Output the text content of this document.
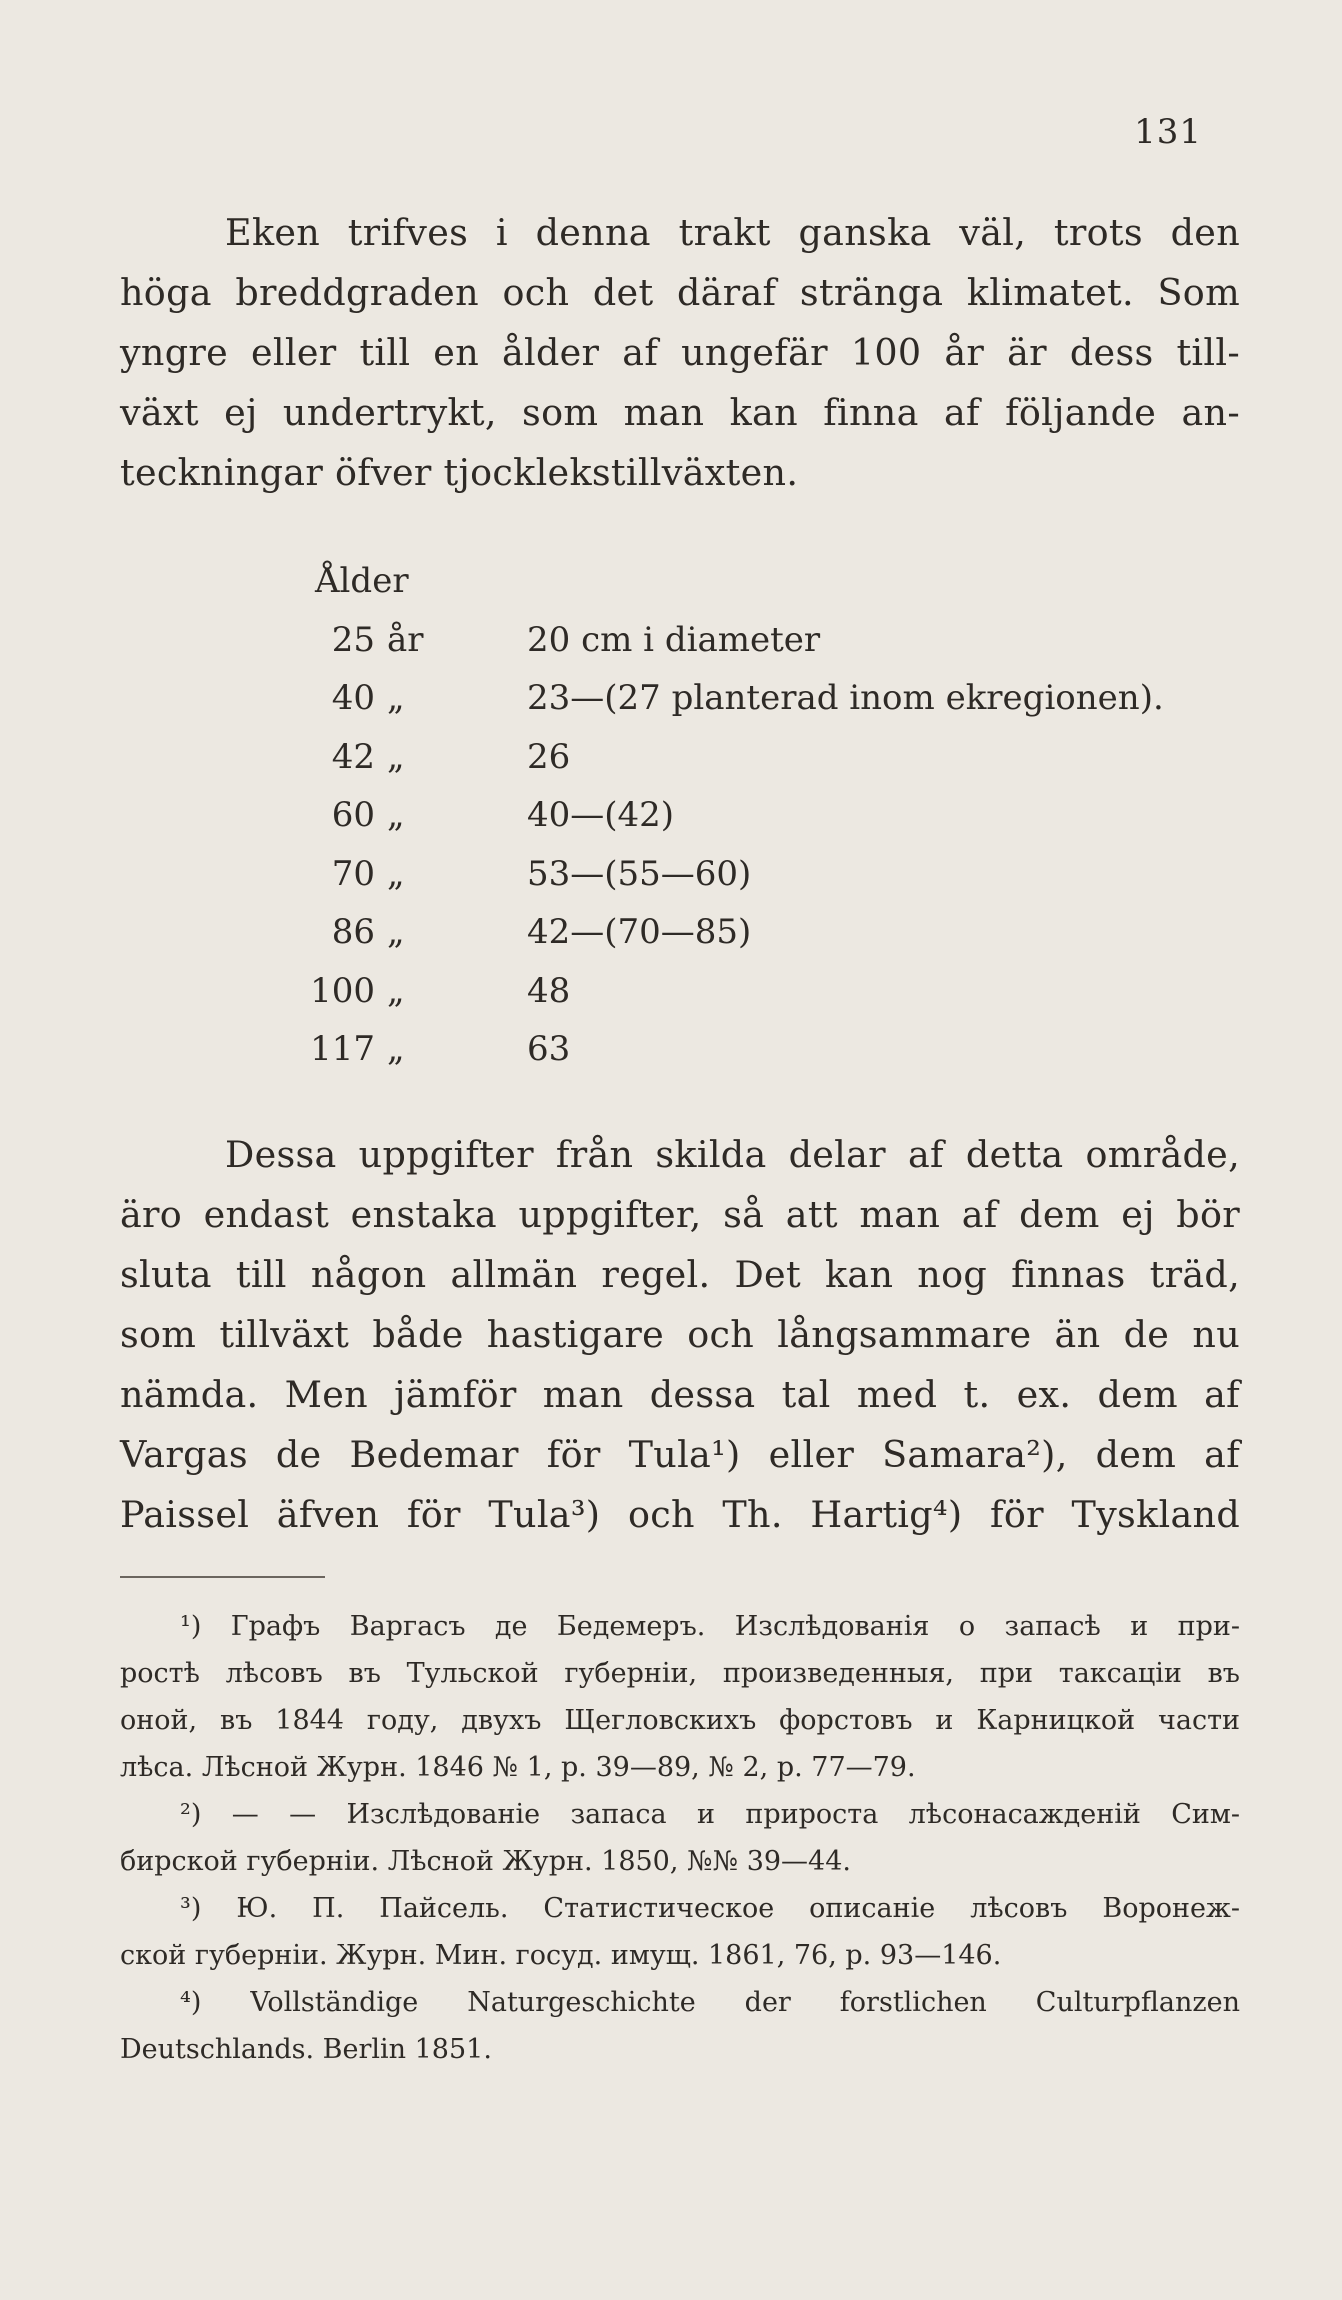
131

Eken trifves i denna trakt ganska väl, trots den
höga breddgraden och det däraf stränga klimatet. Som
yngre eller till en ålder af ungefär 100 år är dess till-
växt ej undertrykt, som man kan finna af följande an-
teckningar öfver tjocklekstillväxten.

Ålder
25 år	20 cm i diameter
40 „	23—(27 planterad inom ekregionen).
42 „	26
60 „	40—(42)
70 „	53—(55—60)
86 „	42—(70—85)
100 „	48
117 „	63

Dessa uppgifter från skilda delar af detta område,
äro endast enstaka uppgifter, så att man af dem ej bör
sluta till någon allmän regel. Det kan nog finnas träd,
som tillväxt både hastigare och långsammare än de nu
nämda. Men jämför man dessa tal med t. ex. dem af
Vargas de Bedemar för Tula¹) eller Samara²), dem af
Paissel äfven för Tula³) och Th. Hartig⁴) för Tyskland

¹) Графъ Варгасъ де Бедемеръ. Изслѣдованія о запасѣ и при-
ростѣ лѣсовъ въ Тульской губерніи, произведенныя, при таксаціи въ
оной, въ 1844 году, двухъ Щегловскихъ форстовъ и Карницкой части
лѣса. Лѣсной Журн. 1846 № 1, р. 39—89, № 2, р. 77—79.
²) — — Изслѣдованіе запаса и прироста лѣсонасажденій Сим-
бирской губерніи. Лѣсной Журн. 1850, №№ 39—44.
³) Ю. П. Пайсель. Статистическое описаніе лѣсовъ Воронеж-
ской губерніи. Журн. Мин. госуд. имущ. 1861, 76, р. 93—146.
⁴) Vollständige Naturgeschichte der forstlichen Culturpflanzen
Deutschlands. Berlin 1851.
